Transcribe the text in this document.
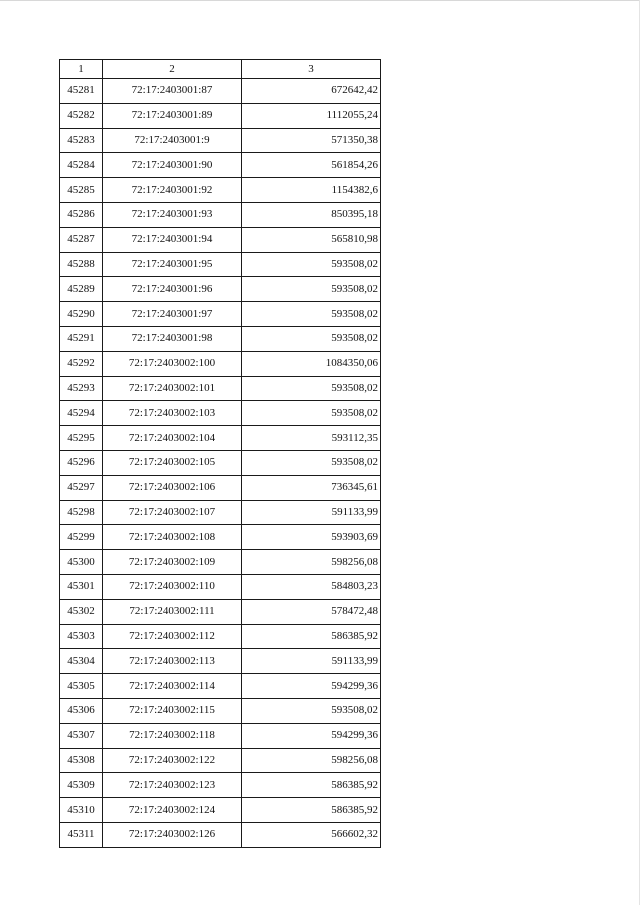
1	2	3
45281	72:17:2403001:87	672642,42
45282	72:17:2403001:89	1112055,24
45283	72:17:2403001:9	571350,38
45284	72:17:2403001:90	561854,26
45285	72:17:2403001:92	1154382,6
45286	72:17:2403001:93	850395,18
45287	72:17:2403001:94	565810,98
45288	72:17:2403001:95	593508,02
45289	72:17:2403001:96	593508,02
45290	72:17:2403001:97	593508,02
45291	72:17:2403001:98	593508,02
45292	72:17:2403002:100	1084350,06
45293	72:17:2403002:101	593508,02
45294	72:17:2403002:103	593508,02
45295	72:17:2403002:104	593112,35
45296	72:17:2403002:105	593508,02
45297	72:17:2403002:106	736345,61
45298	72:17:2403002:107	591133,99
45299	72:17:2403002:108	593903,69
45300	72:17:2403002:109	598256,08
45301	72:17:2403002:110	584803,23
45302	72:17:2403002:111	578472,48
45303	72:17:2403002:112	586385,92
45304	72:17:2403002:113	591133,99
45305	72:17:2403002:114	594299,36
45306	72:17:2403002:115	593508,02
45307	72:17:2403002:118	594299,36
45308	72:17:2403002:122	598256,08
45309	72:17:2403002:123	586385,92
45310	72:17:2403002:124	586385,92
45311	72:17:2403002:126	566602,32
